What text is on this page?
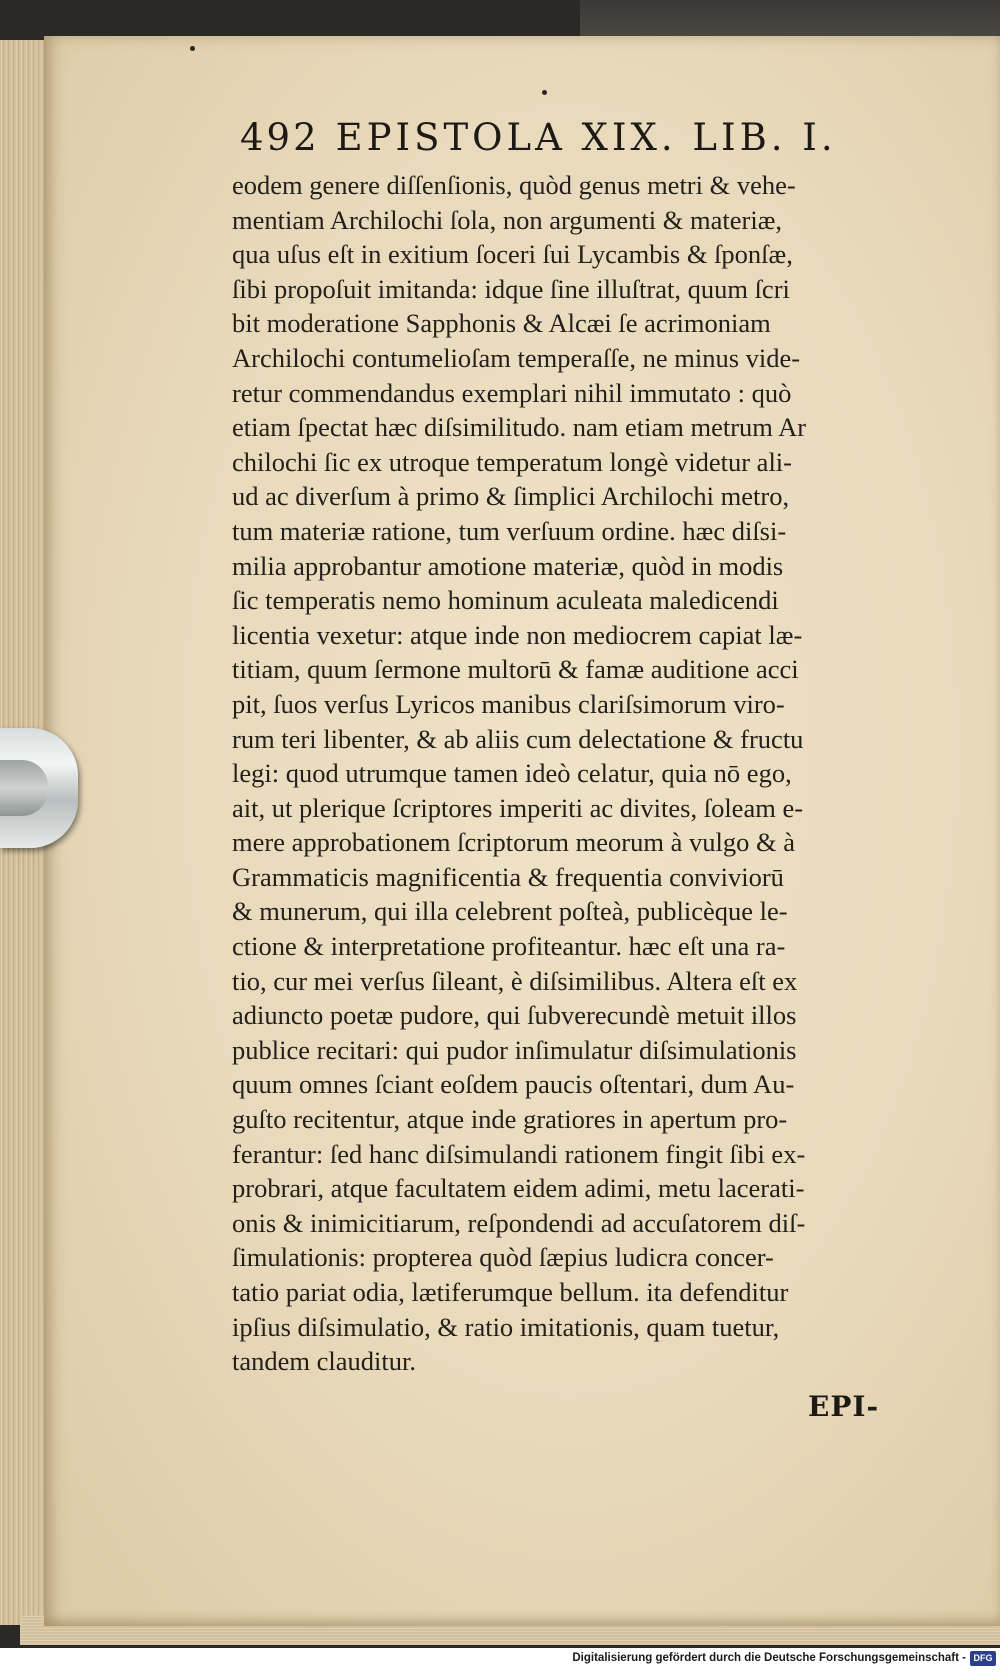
492 EPISTOLA XIX. LIB. I.
eodem genere diſſenſionis, quòd genus metri & vehe-
mentiam Archilochi ſola, non argumenti & materiæ,
qua uſus eſt in exitium ſoceri ſui Lycambis & ſponſæ,
ſibi propoſuit imitanda: idque ſine illuſtrat, quum ſcri
bit moderatione Sapphonis & Alcæi ſe acrimoniam
Archilochi contumelioſam temperaſſe, ne minus vide-
retur commendandus exemplari nihil immutato : quò
etiam ſpectat hæc diſsimilitudo. nam etiam metrum Ar
chilochi ſic ex utroque temperatum longè videtur ali-
ud ac diverſum à primo & ſimplici Archilochi metro,
tum materiæ ratione, tum verſuum ordine. hæc diſsi-
milia approbantur amotione materiæ, quòd in modis
ſic temperatis nemo hominum aculeata maledicendi
licentia vexetur: atque inde non mediocrem capiat læ-
titiam, quum ſermone multorū & famæ auditione acci
pit, ſuos verſus Lyricos manibus clariſsimorum viro-
rum teri libenter, & ab aliis cum delectatione & fructu
legi: quod utrumque tamen ideò celatur, quia nō ego,
ait, ut plerique ſcriptores imperiti ac divites, ſoleam e-
mere approbationem ſcriptorum meorum à vulgo & à
Grammaticis magnificentia & frequentia conviviorū
& munerum, qui illa celebrent poſteà, publicèque le-
ctione & interpretatione profiteantur. hæc eſt una ra-
tio, cur mei verſus ſileant, è diſsimilibus. Altera eſt ex
adiuncto poetæ pudore, qui ſubverecundè metuit illos
publice recitari: qui pudor inſimulatur diſsimulationis
quum omnes ſciant eoſdem paucis oſtentari, dum Au-
guſto recitentur, atque inde gratiores in apertum pro-
ferantur: ſed hanc diſsimulandi rationem fingit ſibi ex-
probrari, atque facultatem eidem adimi, metu lacerati-
onis & inimicitiarum, reſpondendi ad accuſatorem diſ-
ſimulationis: propterea quòd ſæpius ludicra concer-
tatio pariat odia, lætiferumque bellum. ita defenditur
ipſius diſsimulatio, & ratio imitationis, quam tuetur,
tandem clauditur.
EPI-
Digitalisierung gefördert durch die Deutsche Forschungsgemeinschaft - DFG
